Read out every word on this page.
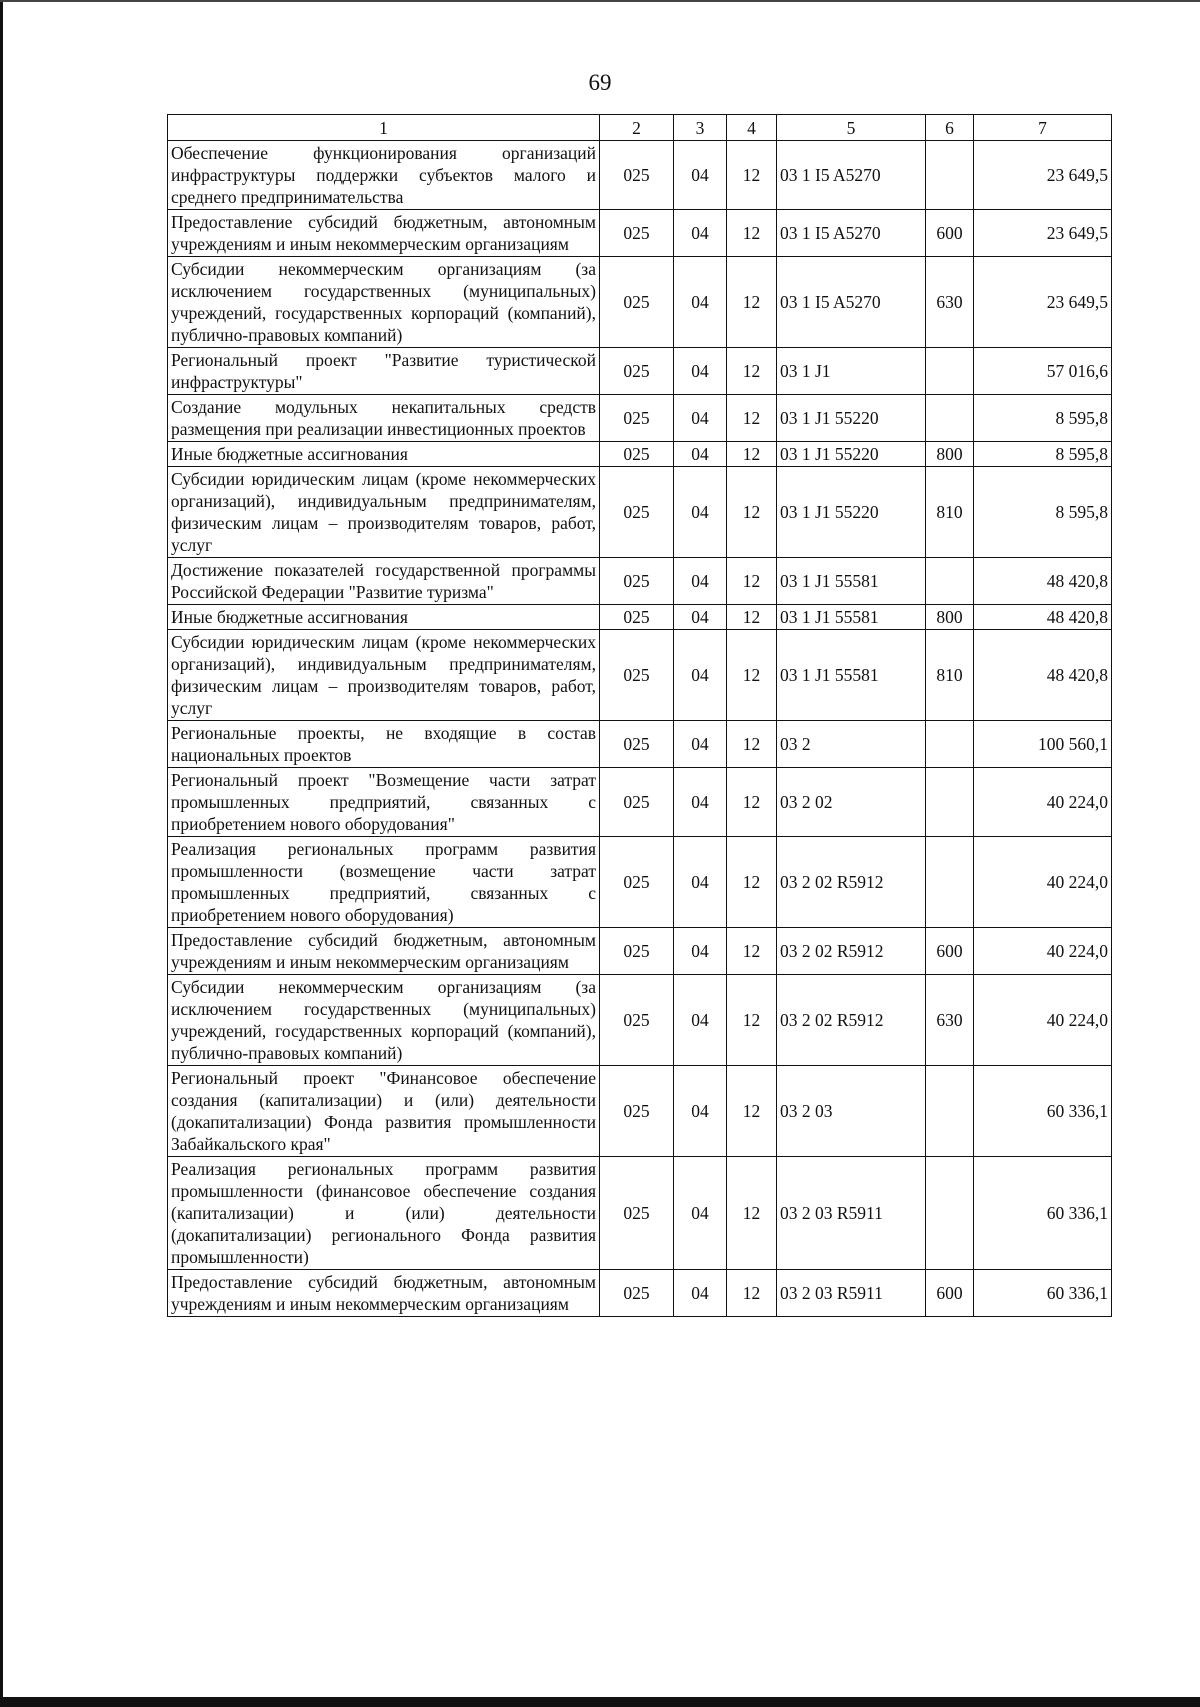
69
1	2	3	4	5	6	7
Обеспечение функционирования организаций инфраструктуры поддержки субъектов малого и среднего предпринимательства	025	04	12	03 1 I5 A5270		23 649,5
Предоставление субсидий бюджетным, автономным учреждениям и иным некоммерческим организациям	025	04	12	03 1 I5 A5270	600	23 649,5
Субсидии некоммерческим организациям (за исключением государственных (муниципальных) учреждений, государственных корпораций (компаний), публично-правовых компаний)	025	04	12	03 1 I5 A5270	630	23 649,5
Региональный проект "Развитие туристической инфраструктуры"	025	04	12	03 1 J1		57 016,6
Создание модульных некапитальных средств размещения при реализации инвестиционных проектов	025	04	12	03 1 J1 55220		8 595,8
Иные бюджетные ассигнования	025	04	12	03 1 J1 55220	800	8 595,8
Субсидии юридическим лицам (кроме некоммерческих организаций), индивидуальным предпринимателям, физическим лицам – производителям товаров, работ, услуг	025	04	12	03 1 J1 55220	810	8 595,8
Достижение показателей государственной программы Российской Федерации "Развитие туризма"	025	04	12	03 1 J1 55581		48 420,8
Иные бюджетные ассигнования	025	04	12	03 1 J1 55581	800	48 420,8
Субсидии юридическим лицам (кроме некоммерческих организаций), индивидуальным предпринимателям, физическим лицам – производителям товаров, работ, услуг	025	04	12	03 1 J1 55581	810	48 420,8
Региональные проекты, не входящие в состав национальных проектов	025	04	12	03 2		100 560,1
Региональный проект "Возмещение части затрат промышленных предприятий, связанных с приобретением нового оборудования"	025	04	12	03 2 02		40 224,0
Реализация региональных программ развития промышленности (возмещение части затрат промышленных предприятий, связанных с приобретением нового оборудования)	025	04	12	03 2 02 R5912		40 224,0
Предоставление субсидий бюджетным, автономным учреждениям и иным некоммерческим организациям	025	04	12	03 2 02 R5912	600	40 224,0
Субсидии некоммерческим организациям (за исключением государственных (муниципальных) учреждений, государственных корпораций (компаний), публично-правовых компаний)	025	04	12	03 2 02 R5912	630	40 224,0
Региональный проект "Финансовое обеспечение создания (капитализации) и (или) деятельности (докапитализации) Фонда развития промышленности Забайкальского края"	025	04	12	03 2 03		60 336,1
Реализация региональных программ развития промышленности (финансовое обеспечение создания (капитализации) и (или) деятельности (докапитализации) регионального Фонда развития промышленности)	025	04	12	03 2 03 R5911		60 336,1
Предоставление субсидий бюджетным, автономным учреждениям и иным некоммерческим организациям	025	04	12	03 2 03 R5911	600	60 336,1
